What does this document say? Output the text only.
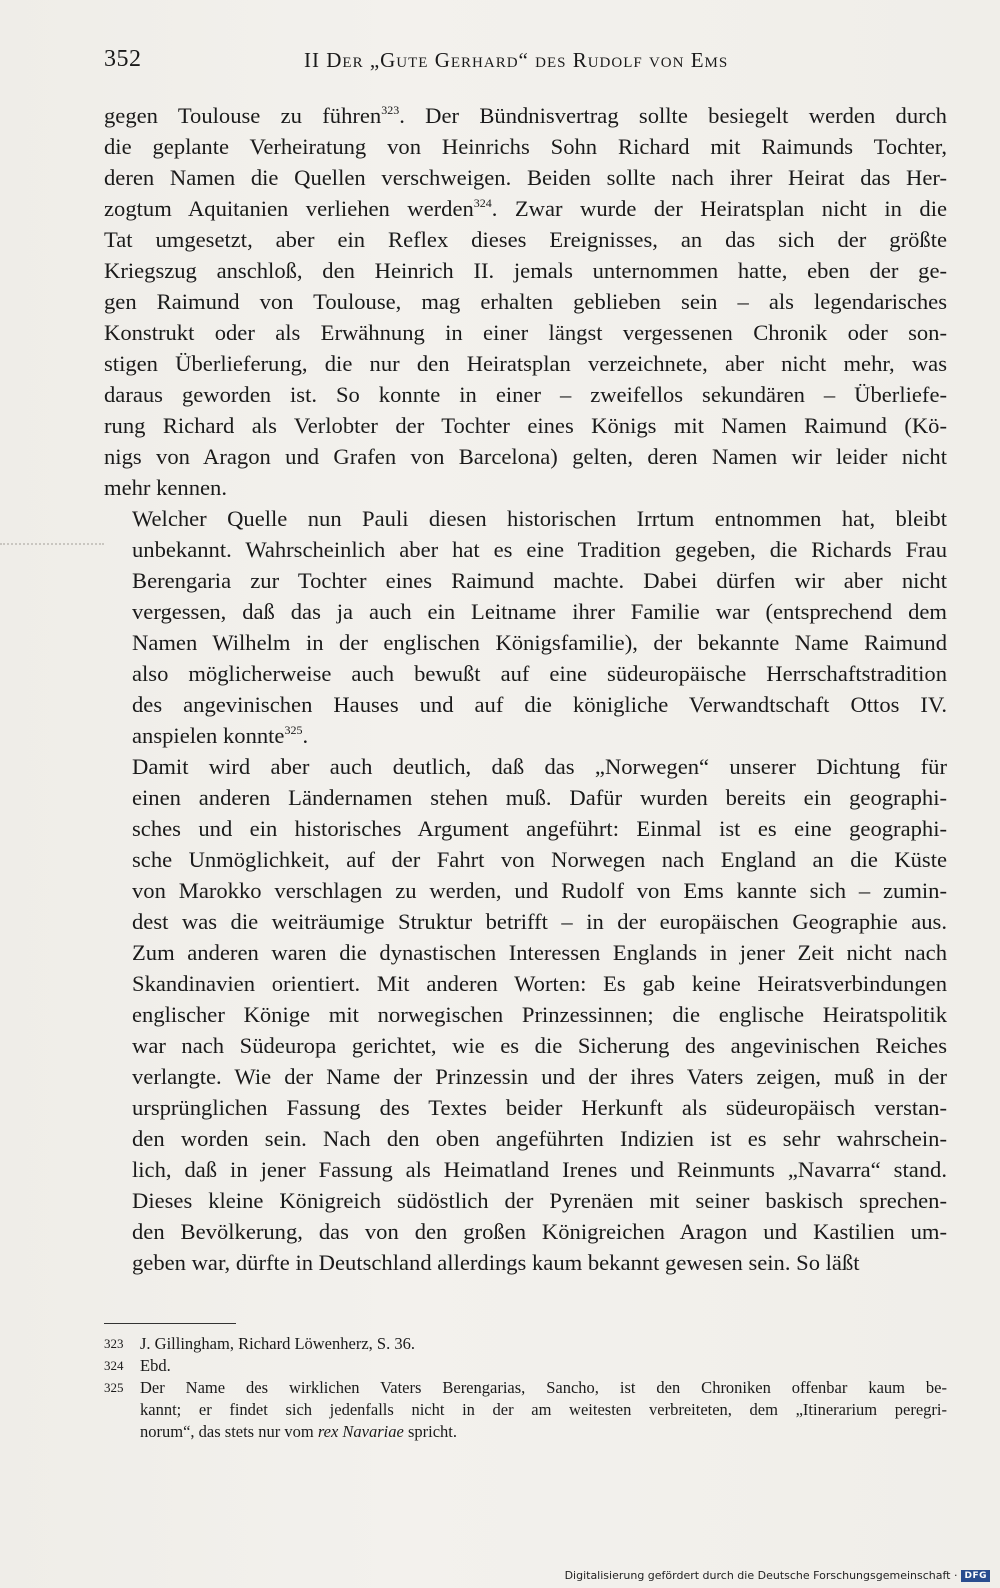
352	II Der „Gute Gerhard“ des Rudolf von Ems

gegen Toulouse zu führen$^{323}$. Der Bündnisvertrag sollte besiegelt werden durch
die geplante Verheiratung von Heinrichs Sohn Richard mit Raimunds Tochter,
deren Namen die Quellen verschweigen. Beiden sollte nach ihrer Heirat das Her-
zogtum Aquitanien verliehen werden$^{324}$. Zwar wurde der Heiratsplan nicht in die
Tat umgesetzt, aber ein Reflex dieses Ereignisses, an das sich der größte
Kriegszug anschloß, den Heinrich II. jemals unternommen hatte, eben der ge-
gen Raimund von Toulouse, mag erhalten geblieben sein – als legendarisches
Konstrukt oder als Erwähnung in einer längst vergessenen Chronik oder son-
stigen Überlieferung, die nur den Heiratsplan verzeichnete, aber nicht mehr, was
daraus geworden ist. So konnte in einer – zweifellos sekundären – Überliefe-
rung Richard als Verlobter der Tochter eines Königs mit Namen Raimund (Kö-
nigs von Aragon und Grafen von Barcelona) gelten, deren Namen wir leider nicht
mehr kennen.

Welcher Quelle nun Pauli diesen historischen Irrtum entnommen hat, bleibt
unbekannt. Wahrscheinlich aber hat es eine Tradition gegeben, die Richards Frau
Berengaria zur Tochter eines Raimund machte. Dabei dürfen wir aber nicht
vergessen, daß das ja auch ein Leitname ihrer Familie war (entsprechend dem
Namen Wilhelm in der englischen Königsfamilie), der bekannte Name Raimund
also möglicherweise auch bewußt auf eine südeuropäische Herrschaftstradition
des angevinischen Hauses und auf die königliche Verwandtschaft Ottos IV.
anspielen konnte$^{325}$.

Damit wird aber auch deutlich, daß das „Norwegen“ unserer Dichtung für
einen anderen Ländernamen stehen muß. Dafür wurden bereits ein geographi-
sches und ein historisches Argument angeführt: Einmal ist es eine geographi-
sche Unmöglichkeit, auf der Fahrt von Norwegen nach England an die Küste
von Marokko verschlagen zu werden, und Rudolf von Ems kannte sich – zumin-
dest was die weiträumige Struktur betrifft – in der europäischen Geographie aus.
Zum anderen waren die dynastischen Interessen Englands in jener Zeit nicht nach
Skandinavien orientiert. Mit anderen Worten: Es gab keine Heiratsverbindungen
englischer Könige mit norwegischen Prinzessinnen; die englische Heiratspolitik
war nach Südeuropa gerichtet, wie es die Sicherung des angevinischen Reiches
verlangte. Wie der Name der Prinzessin und der ihres Vaters zeigen, muß in der
ursprünglichen Fassung des Textes beider Herkunft als südeuropäisch verstan-
den worden sein. Nach den oben angeführten Indizien ist es sehr wahrschein-
lich, daß in jener Fassung als Heimatland Irenes und Reinmunts „Navarra“ stand.
Dieses kleine Königreich südöstlich der Pyrenäen mit seiner baskisch sprechen-
den Bevölkerung, das von den großen Königreichen Aragon und Kastilien um-
geben war, dürfte in Deutschland allerdings kaum bekannt gewesen sein. So läßt

323 J. Gillingham, Richard Löwenherz, S. 36.
324 Ebd.
325 Der Name des wirklichen Vaters Berengarias, Sancho, ist den Chroniken offenbar kaum be-
kannt; er findet sich jedenfalls nicht in der am weitesten verbreiteten, dem „Itinerarium peregri-
norum“, das stets nur vom rex Navariae spricht.
Digitalisierung gefördert durch die Deutsche Forschungsgemeinschaft · DFG
